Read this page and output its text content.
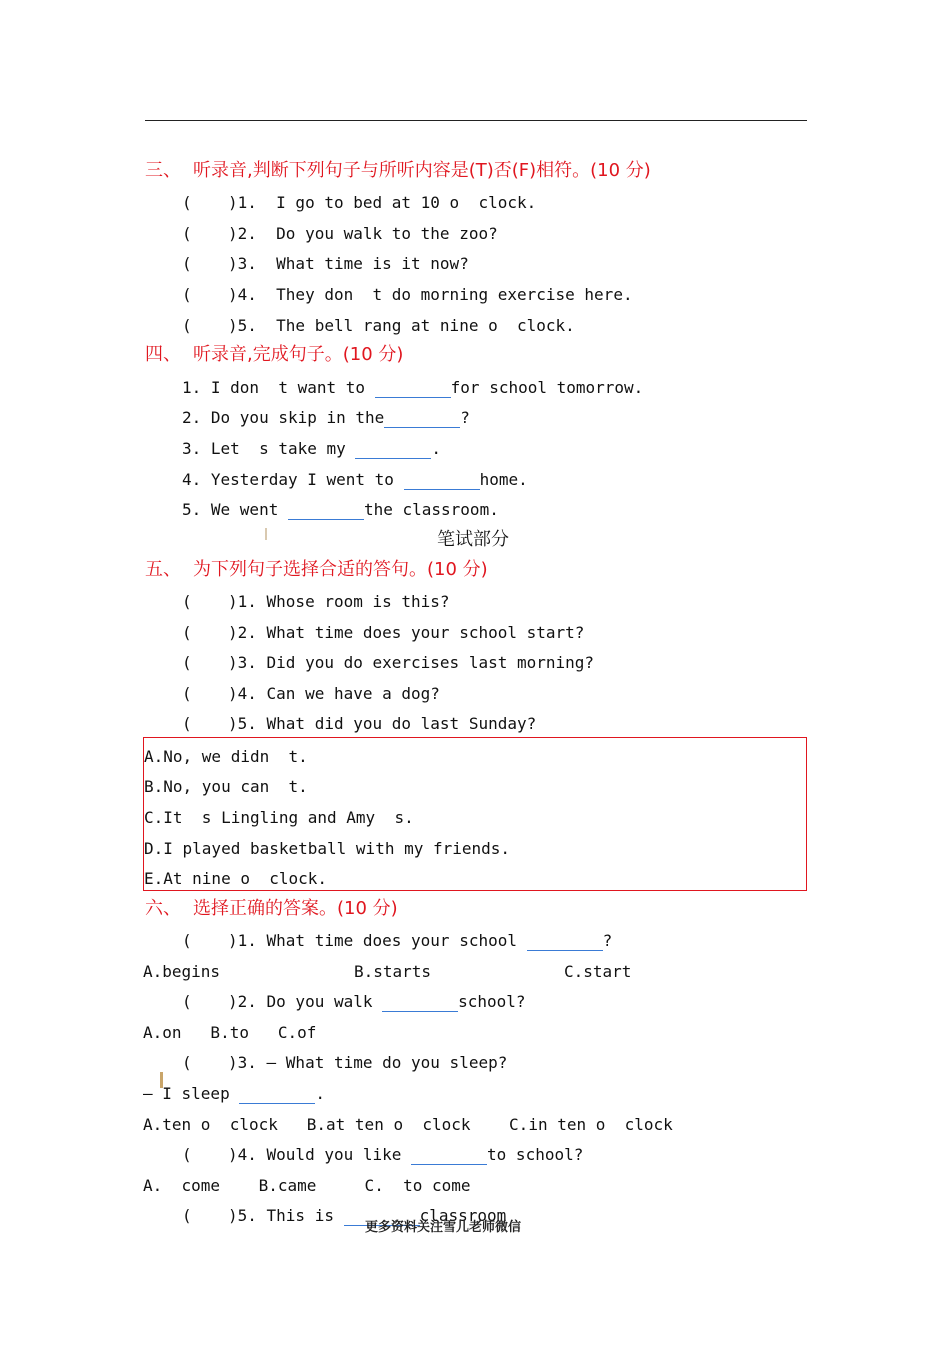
三、 听录音,判断下列句子与所听内容是(T)否(F)相符。(10 分)
( )1.  I go to bed at 10 o  clock.
( )2.  Do you walk to the zoo?
( )3.  What time is it now?
( )4.  They don  t do morning exercise here.
( )5.  The bell rang at nine o  clock.
四、 听录音,完成句子。(10 分)
1. I don  t want to	for school tomorrow.
2. Do you skip in the	?
3. Let  s take my	.
4. Yesterday I went to	home.
5. We went	the classroom.
笔试部分
五、 为下列句子选择合适的答句。(10 分)
( )1. Whose room is this?
( )2. What time does your school start?
( )3. Did you do exercises last morning?
( )4. Can we have a dog?
( )5. What did you do last Sunday?
A.No, we didn  t.
B.No, you can  t.
C.It  s Lingling and Amy  s.
D.I played basketball with my friends.
E.At nine o  clock.
六、 选择正确的答案。(10 分)
( )1. What time does your school	?
A.begins	B.starts	C.start
( )2. Do you walk	school?
A.on   B.to   C.of
( )3. — What time do you sleep?
— I sleep	.
A.ten o  clock   B.at ten o  clock    C.in ten o  clock
( )4. Would you like	to school?
A.  come    B.came     C.  to come
( )5. This is	classroom
更多资料关注雪儿老师微信
